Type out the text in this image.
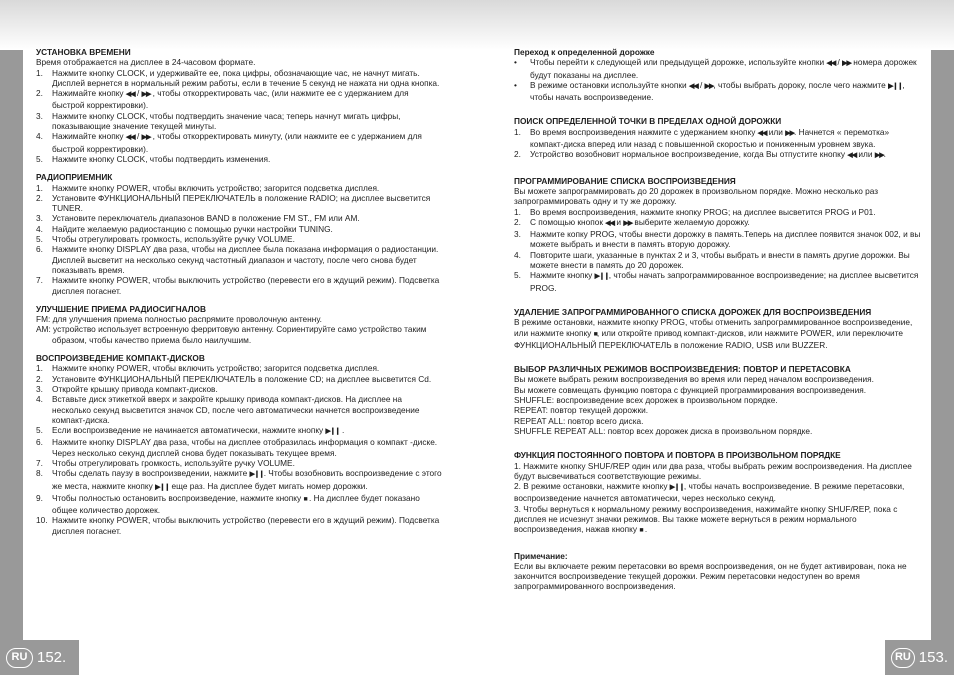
RU 152.	RU 153.
УСТАНОВКА ВРЕМЕНИ
Время отображается на дисплее в 24-часовом формате.
1.	Нажмите кнопку CLOCK, и удерживайте ее, пока цифры, обозначающие час, не начнут мигать. Дисплей вернется в нормальный режим работы, если в течение 5 секунд не нажата ни одна кнопка.
2.	Нажимайте кнопку ◀◀ / ▶▶ , чтобы откорректировать час, (или нажмите ее с удержанием для быстрой корректировки).
3.	Нажмите кнопку CLOCK, чтобы подтвердить значение часа; теперь начнут мигать цифры, показывающие значение текущей минуты.
4.	Нажимайте кнопку ◀◀ / ▶▶ , чтобы откорректировать минуту, (или нажмите ее с удержанием для быстрой корректировки).
5.	Нажмите кнопку CLOCK, чтобы подтвердить изменения.
РАДИОПРИЕМНИК
1.	Нажмите кнопку POWER, чтобы включить устройство; загорится подсветка дисплея.
2.	Установите ФУНКЦИОНАЛЬНЫЙ ПЕРЕКЛЮЧАТЕЛЬ в положение RADIO; на дисплее высветится TUNER.
3.	Установите переключатель диапазонов BAND в положение FM ST., FM или AM.
4.	Найдите желаемую радиостанцию с помощью ручки настройки TUNING.
5.	Чтобы отрегулировать громкость, используйте ручку VOLUME.
6.	Нажмите кнопку DISPLAY два раза, чтобы на дисплее была показана информация о радиостанции. Дисплей высветит на несколько секунд частотный диапазон и частоту, после чего снова будет показывать время.
7.	Нажмите кнопку POWER, чтобы выключить устройство (перевести его в ждущий режим). Подсветка дисплея погаснет.
УЛУЧШЕНИЕ ПРИЕМА РАДИОСИГНАЛОВ
FM: для улучшения приема полностью распрямите проволочную антенну.
AM: устройство использует встроенную ферритовую антенну. Сориентируйте само устройство таким образом, чтобы качество приема было наилучшим.
ВОСПРОИЗВЕДЕНИЕ КОМПАКТ-ДИСКОВ
1.	Нажмите кнопку POWER, чтобы включить устройство; загорится подсветка дисплея.
2.	Установите ФУНКЦИОНАЛЬНЫЙ ПЕРЕКЛЮЧАТЕЛЬ в положение CD; на дисплее высветится Cd.
3.	Откройте крышку привода компакт-дисков.
4.	Вставьте диск этикеткой вверх и закройте крышку привода компакт-дисков. На дисплее на несколько секунд высветится значок CD, после чего автоматически начнется воспроизведение компакт-диска.
5.	Если воспроизведение не начинается автоматически, нажмите кнопку ▶❙❙ .
6.	Нажмите кнопку DISPLAY два раза, чтобы на дисплее отобразилась информация о компакт -диске. Через несколько секунд дисплей снова будет показывать текущее время.
7.	Чтобы отрегулировать громкость, используйте ручку VOLUME.
8.	Чтобы сделать паузу в воспроизведении, нажмите ▶❙❙. Чтобы возобновить воспроизведение с этого же места, нажмите кнопку ▶❙❙ еще раз. На дисплее будет мигать номер дорожки.
9.	Чтобы полностью остановить воспроизведение, нажмите кнопку ■ . На дисплее будет показано общее количество дорожек.
10. Нажмите кнопку POWER, чтобы выключить устройство (перевести его в ждущий режим). Подсветка дисплея погаснет.
Переход к определенной дорожке
•	Чтобы перейти к следующей или предыдущей дорожке, используйте кнопки ◀◀ / ▶▶ номера дорожек будут показаны на дисплее.
•	В режиме остановки используйте кнопки ◀◀ / ▶▶, чтобы выбрать дороку, после чего нажмите ▶❙❙, чтобы начать воспроизведение.
ПОИСК ОПРЕДЕЛЕННОЙ ТОЧКИ В ПРЕДЕЛАХ ОДНОЙ ДОРОЖКИ
1.	Во время воспроизведения нажмите с удержанием кнопку ◀◀ или ▶▶. Начнется « перемотка» компакт-диска вперед или назад с повышенной скоростью и пониженным уровнем звука.
2.	Устройство возобновит нормальное воспроизведение, когда Вы отпустите кнопку ◀◀ или ▶▶.
ПРОГРАММИРОВАНИЕ СПИСКА ВОСПРОИЗВЕДЕНИЯ
Вы можете запрограммировать до 20 дорожек в произвольном порядке. Можно несколько раз запрограммировать одну и ту же дорожку.
1.	Во время воспроизведения, нажмите кнопку PROG; на дисплее высветится PROG и P01.
2.	С помощью кнопок ◀◀ и ▶▶ выберите желаемую дорожку.
3.	Нажмите копку PROG, чтобы внести дорожку в память.Теперь на дисплее появится значок 002, и вы можете выбрать и внести в память вторую дорожку.
4.	Повторите шаги, указанные в пунктах 2 и 3, чтобы выбрать и внести в память другие дорожки. Вы можете внести в память до 20 дорожек.
5.	Нажмите кнопку ▶❙❙, чтобы начать запрограммированное воспроизведение; на дисплее высветится PROG.
УДАЛЕНИЕ ЗАПРОГРАММИРОВАННОГО СПИСКА ДОРОЖЕК ДЛЯ ВОСПРОИЗВЕДЕНИЯ
В режиме остановки, нажмите кнопку PROG, чтобы отменить запрограммированное воспроизведение, или нажмите кнопку ■, или откройте привод компакт-дисков, или нажмите POWER, или переключите ФУНКЦИОНАЛЬНЫЙ ПЕРЕКЛЮЧАТЕЛЬ в положение RADIO, USB или BUZZER.
ВЫБОР РАЗЛИЧНЫХ РЕЖИМОВ ВОСПРОИЗВЕДЕНИЯ: ПОВТОР И ПЕРЕТАСОВКА
Вы можете выбрать режим воспроизведения во время или перед началом воспроизведения.
Вы можете совмещать функцию повтора с функцией программирования воспроизведения.
SHUFFLE: воспроизведение всех дорожек в произвольном порядке.
REPEAT: повтор текущей дорожки.
REPEAT ALL: повтор всего диска.
SHUFFLE REPEAT ALL: повтор всех дорожек диска в произвольном порядке.
ФУНКЦИЯ ПОСТОЯННОГО ПОВТОРА И ПОВТОРА В ПРОИЗВОЛЬНОМ ПОРЯДКЕ
1. Нажмите кнопку SHUF/REP один или два раза, чтобы выбрать режим воспроизведения. На дисплее будут высвечиваться соответствующие режимы.
2. В режиме остановки, нажмите кнопку ▶❙❙, чтобы начать воспроизведение. В режиме перетасовки, воспроизведение начнется автоматически, через несколько секунд.
3. Чтобы вернуться к нормальному режиму воспроизведения, нажимайте кнопку SHUF/REP, пока с дисплея не исчезнут значки режимов. Вы также можете вернуться в режим нормального воспроизведения, нажав кнопку ■ .
Примечание:
Если вы включаете режим перетасовки во время воспроизведения, он не будет активирован, пока не закончится воспроизведение текущей дорожки. Режим перетасовки недоступен во время запрограммированного воспроизведения.
